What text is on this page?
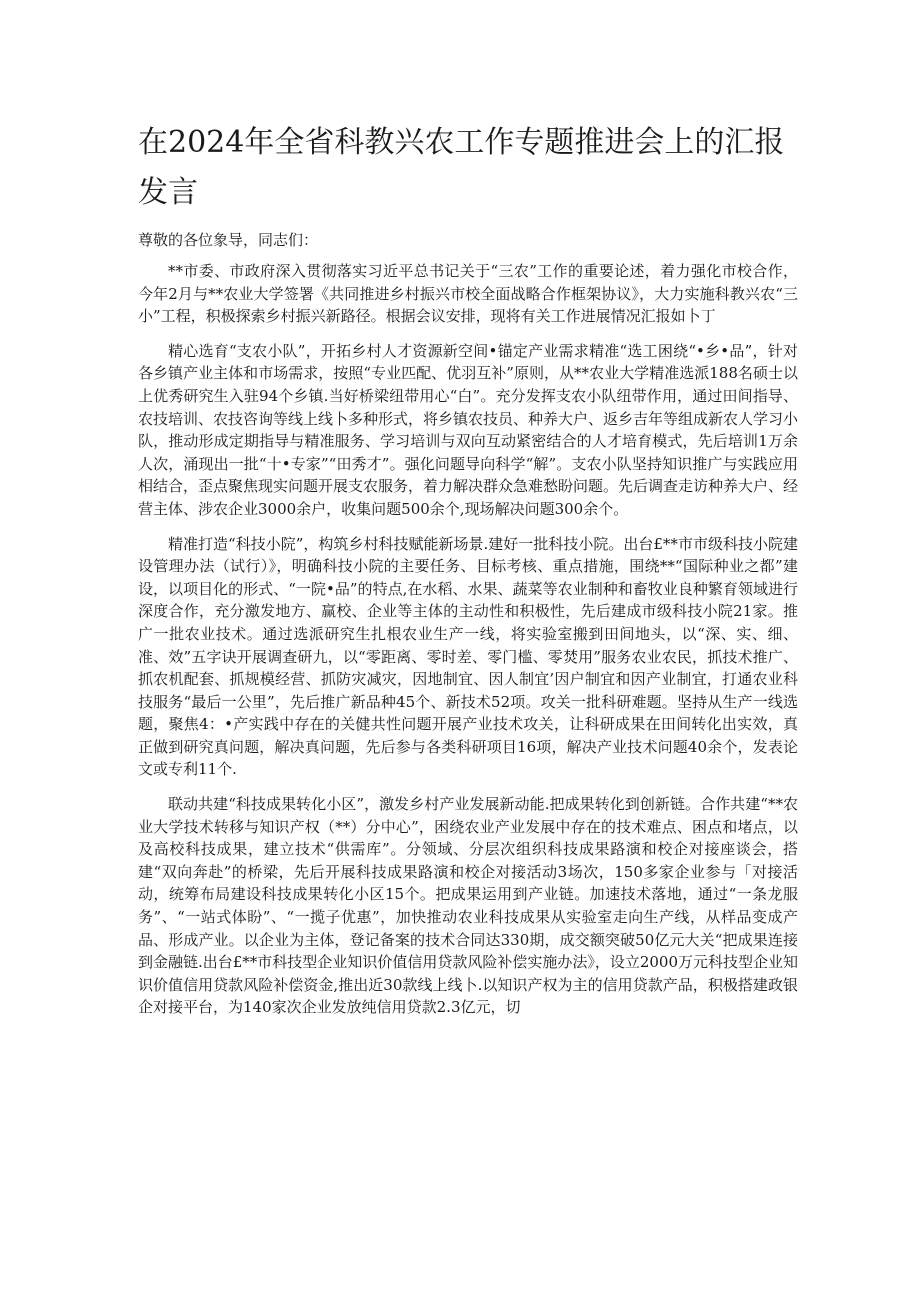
在2024年全省科教兴农工作专题推进会上的汇报发言

尊敬的各位象导，同志们：

**市委、市政府深入贯彻落实习近平总书记关于“三农”工作的重要论述，着力强化市校合作，今年2月与**农业大学签署《共同推进乡村振兴市校全面战略合作框架协议》，大力实施科教兴农“三小”工程，积极探索乡村振兴新路径。根据会议安排，现将有关工作进展情况汇报如卜丁

精心选育“支农小队”，开拓乡村人才资源新空间•锚定产业需求精准“选工困绕“•乡•品”，针对各乡镇产业主体和市场需求，按照“专业匹配、优羽互补”原则，从**农业大学精准选派188名硕士以上优秀研究生入驻94个乡镇.当好桥梁纽带用心“白”。充分发挥支农小队纽带作用，通过田间指导、农技培训、农技咨询等线上线卜多种形式，将乡镇农技员、种养大户、返乡吉年等组成新农人学习小队，推动形成定期指导与精准服务、学习培训与双向互动紧密结合的人才培育模式，先后培训1万余人次，涌现出一批“十•专家”“田秀才”。强化问题导向科学“解”。支农小队坚持知识推广与实践应用相结合，歪点聚焦现实问题开展支农服务，着力解决群众急难愁盼问题。先后调查走访种养大户、经营主体、涉农企业3000余户，收集问题500余个,现场解决问题300余个。

精准打造“科技小院”，构筑乡村科技赋能新场景.建好一批科技小院。出台£**市市级科技小院建设管理办法（试行）》，明确科技小院的主要任务、目标考核、重点措施，围绕**“国际种业之都”建设，以项目化的形式、“一院•品”的特点,在水稻、水果、蔬菜等农业制种和畜牧业良种繁育领域进行深度合作，充分激发地方、赢校、企业等主体的主动性和积极性，先后建成市级科技小院21家。推广一批农业技术。通过选派研究生扎根农业生产一线，将实验室搬到田间地头，以“深、实、细、准、效”五字诀开展调查研九，以“零距离、零时差、零门槛、零焚用”服务农业农民，抓技术推广、抓农机配套、抓规模经营、抓防灾减灾，因地制宜、因人制宜’因户制宜和因产业制宜，打通农业科技服务“最后一公里”，先后推广新品种45个、新技术52项。攻关一批科研难题。坚持从生产一线选题，聚焦4：•产实践中存在的关健共性问题开展产业技术攻关，让科研成果在田间转化出实效，真正做到研究真问题，解决真问题，先后参与各类科研项目16项，解决产业技术问题40余个，发表论文或专利11个.

联动共建“科技成果转化小区”，激发乡村产业发展新动能.把成果转化到创新链。合作共建“**农业大学技术转移与知识产权（**）分中心”，困绕农业产业发展中存在的技术难点、困点和堵点，以及高校科技成果，建立技术“供需库”。分领域、分层次组织科技成果路演和校企对接座谈会，搭建“双向奔赴”的桥梁，先后开展科技成果路演和校企对接活动3场次，150多家企业参与「对接活动，统筹布局建设科技成果转化小区15个。把成果运用到产业链。加速技术落地，通过“一条龙服务”、“一站式体盼”、“一揽子优惠”，加快推动农业科技成果从实验室走向生产线，从样品变成产品、形成产业。以企业为主体，登记备案的技术合同达330期，成交额突破50亿元大关“把成果连接到金融链.出台£**市科技型企业知识价值信用贷款风险补偿实施办法》，设立2000万元科技型企业知识价值信用贷款风险补偿资金,推出近30款线上线卜.以知识产权为主的信用贷款产品，积极搭建政银企对接平台，为140家次企业发放纯信用贷款2.3亿元，切
